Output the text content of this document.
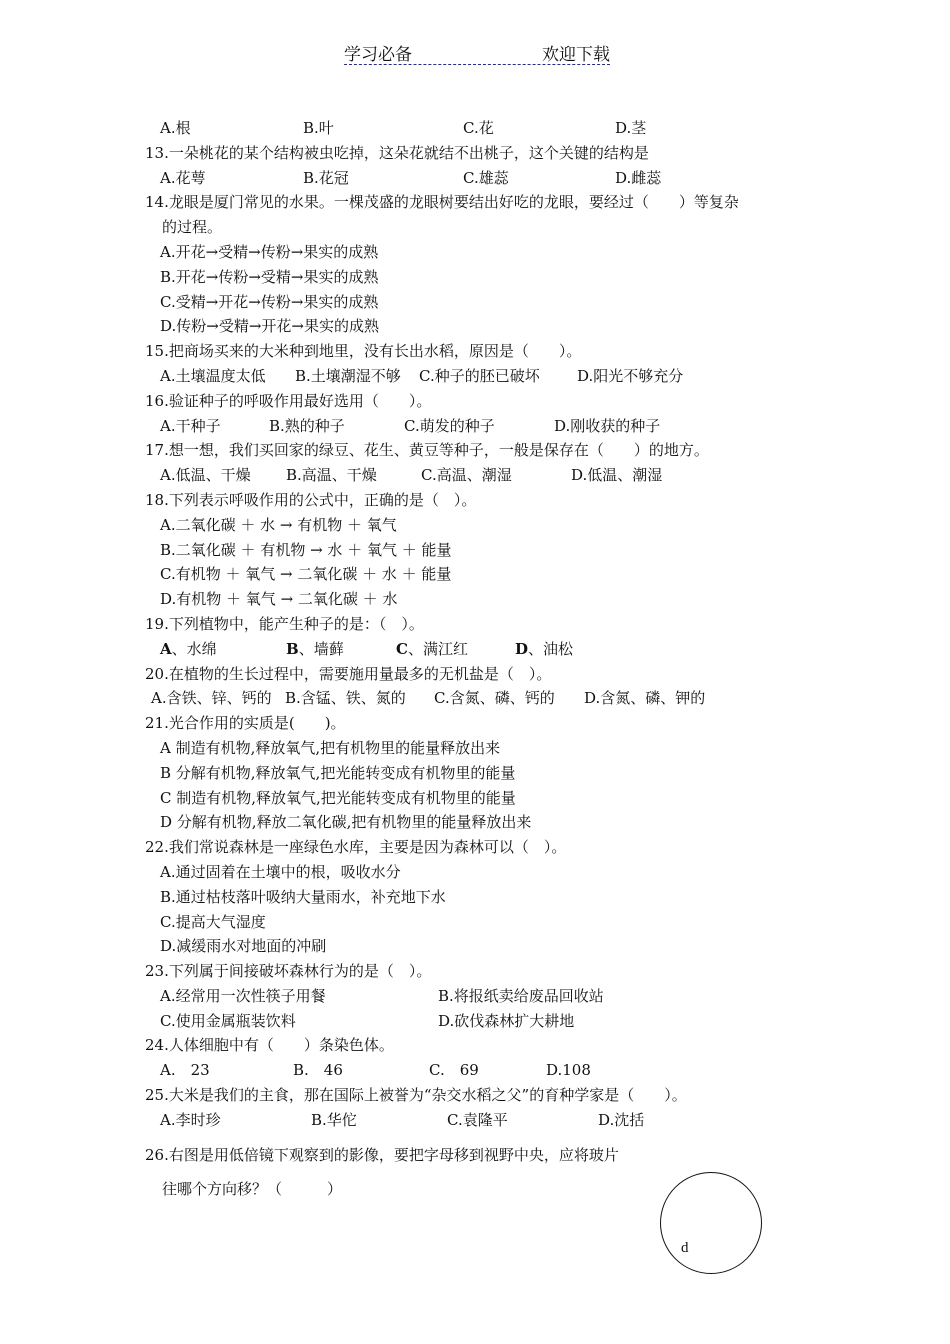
学习必备	欢迎下载
A.根	B.叶	C.花	D.茎
13.一朵桃花的某个结构被虫吃掉，这朵花就结不出桃子，这个关键的结构是
A.花萼	B.花冠	C.雄蕊	D.雌蕊
14.龙眼是厦门常见的水果。一棵茂盛的龙眼树要结出好吃的龙眼，要经过（　　）等复杂
的过程。
A.开花→受精→传粉→果实的成熟
B.开花→传粉→受精→果实的成熟
C.受精→开花→传粉→果实的成熟
D.传粉→受精→开花→果实的成熟
15.把商场买来的大米种到地里，没有长出水稻，原因是（　　）。
A.土壤温度太低 B.土壤潮湿不够 C.种子的胚已破坏 D.阳光不够充分
16.验证种子的呼吸作用最好选用（　　）。
A.干种子	B.熟的种子	C.萌发的种子	D.刚收获的种子
17.想一想，我们买回家的绿豆、花生、黄豆等种子，一般是保存在（　　）的地方。
A.低温、干燥 B.高温、干燥	C.高温、潮湿	D.低温、潮湿
18.下列表示呼吸作用的公式中，正确的是（　）。
A.二氧化碳 ＋ 水 → 有机物 ＋ 氧气
B.二氧化碳 ＋ 有机物 → 水 ＋ 氧气 ＋ 能量
C.有机物 ＋ 氧气 → 二氧化碳 ＋ 水 ＋ 能量
D.有机物 ＋ 氧气 → 二氧化碳 ＋ 水
19.下列植物中，能产生种子的是：（　）。
A、水绵	B、墙藓	C、满江红	D、油松
20.在植物的生长过程中，需要施用量最多的无机盐是（　）。
A.含铁、锌、钙的 B.含锰、铁、氮的 C.含氮、磷、钙的 D.含氮、磷、钾的
21.光合作用的实质是(　　)。
A 制造有机物,释放氧气,把有机物里的能量释放出来
B 分解有机物,释放氧气,把光能转变成有机物里的能量
C 制造有机物,释放氧气,把光能转变成有机物里的能量
D 分解有机物,释放二氧化碳,把有机物里的能量释放出来
22.我们常说森林是一座绿色水库，主要是因为森林可以（　）。
A.通过固着在土壤中的根，吸收水分
B.通过枯枝落叶吸纳大量雨水，补充地下水
C.提高大气湿度
D.减缓雨水对地面的冲刷
23.下列属于间接破坏森林行为的是（　）。
A.经常用一次性筷子用餐	B.将报纸卖给废品回收站
C.使用金属瓶装饮料	D.砍伐森林扩大耕地
24.人体细胞中有（　　）条染色体。
A.　23	B.　46	C.　69	D.108
25.大米是我们的主食，那在国际上被誉为“杂交水稻之父”的育种学家是（　　）。
A.李时珍	B.华佗	C.袁隆平	D.沈括
26.右图是用低倍镜下观察到的影像，要把字母移到视野中央，应将玻片
往哪个方向移？（　　　）
d
